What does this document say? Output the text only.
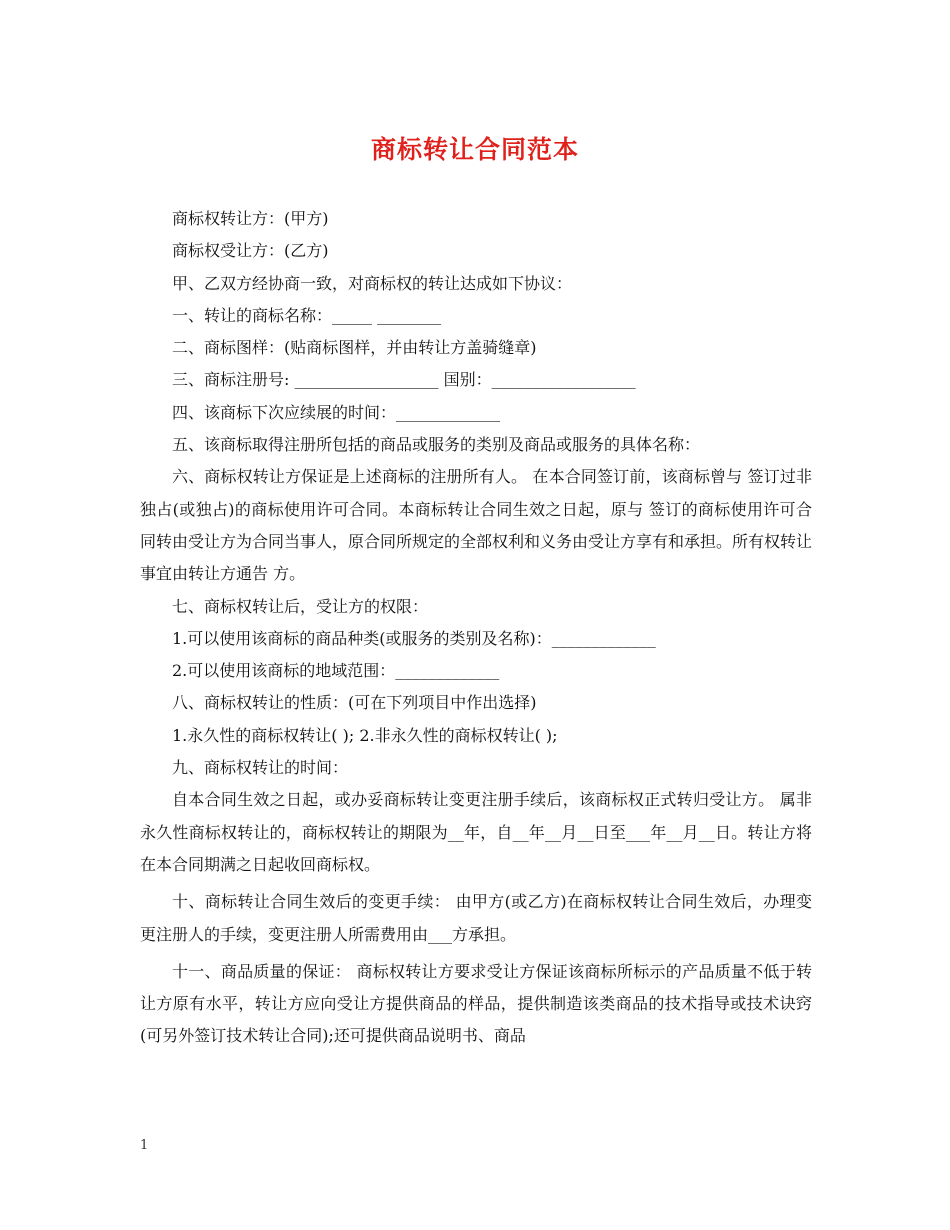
商标转让合同范本

商标权转让方：(甲方)

商标权受让方：(乙方)

甲、乙双方经协商一致，对商标权的转让达成如下协议：

一、转让的商标名称：_____ ________

二、商标图样：(贴商标图样，并由转让方盖骑缝章)

三、商标注册号: __________________ 国别：__________________

四、该商标下次应续展的时间：_____________

五、该商标取得注册所包括的商品或服务的类别及商品或服务的具体名称：

六、商标权转让方保证是上述商标的注册所有人。 在本合同签订前，该商标曾与 签订过非独占(或独占)的商标使用许可合同。本商标转让合同生效之日起，原与 签订的商标使用许可合同转由受让方为合同当事人，原合同所规定的全部权利和义务由受让方享有和承担。所有权转让事宜由转让方通告 方。

七、商标权转让后，受让方的权限：

1.可以使用该商标的商品种类(或服务的类别及名称)：_____________

2.可以使用该商标的地域范围：_____________

八、商标权转让的性质：(可在下列项目中作出选择)

1.永久性的商标权转让( ); 2.非永久性的商标权转让( );

九、商标权转让的时间：

自本合同生效之日起，或办妥商标转让变更注册手续后，该商标权正式转归受让方。 属非永久性商标权转让的，商标权转让的期限为__年，自__年__月__日至___年__月__日。转让方将在本合同期满之日起收回商标权。

十、商标转让合同生效后的变更手续： 由甲方(或乙方)在商标权转让合同生效后，办理变更注册人的手续，变更注册人所需费用由___方承担。

十一、商品质量的保证： 商标权转让方要求受让方保证该商标所标示的产品质量不低于转让方原有水平，转让方应向受让方提供商品的样品，提供制造该类商品的技术指导或技术诀窍(可另外签订技术转让合同);还可提供商品说明书、商品

1
